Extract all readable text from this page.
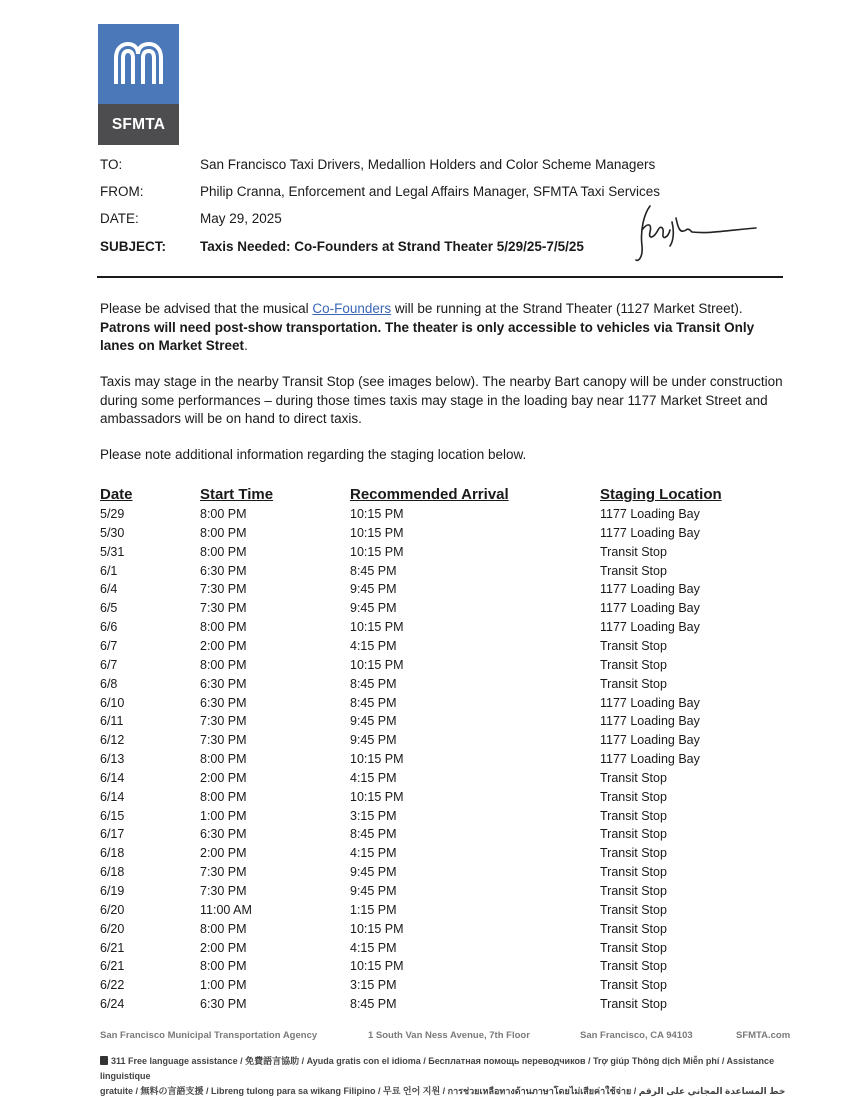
SFMTA
TO:	San Francisco Taxi Drivers, Medallion Holders and Color Scheme Managers
FROM:	Philip Cranna, Enforcement and Legal Affairs Manager, SFMTA Taxi Services
DATE:	May 29, 2025
SUBJECT:	Taxis Needed: Co-Founders at Strand Theater 5/29/25-7/5/25
Please be advised that the musical Co-Founders will be running at the Strand Theater (1127 Market Street). Patrons will need post-show transportation. The theater is only accessible to vehicles via Transit Only lanes on Market Street.
Taxis may stage in the nearby Transit Stop (see images below). The nearby Bart canopy will be under construction during some performances – during those times taxis may stage in the loading bay near 1177 Market Street and ambassadors will be on hand to direct taxis.
Please note additional information regarding the staging location below.
Date	Start Time	Recommended Arrival	Staging Location
5/29	8:00 PM	10:15 PM	1177 Loading Bay
5/30	8:00 PM	10:15 PM	1177 Loading Bay
5/31	8:00 PM	10:15 PM	Transit Stop
6/1	6:30 PM	8:45 PM	Transit Stop
6/4	7:30 PM	9:45 PM	1177 Loading Bay
6/5	7:30 PM	9:45 PM	1177 Loading Bay
6/6	8:00 PM	10:15 PM	1177 Loading Bay
6/7	2:00 PM	4:15 PM	Transit Stop
6/7	8:00 PM	10:15 PM	Transit Stop
6/8	6:30 PM	8:45 PM	Transit Stop
6/10	6:30 PM	8:45 PM	1177 Loading Bay
6/11	7:30 PM	9:45 PM	1177 Loading Bay
6/12	7:30 PM	9:45 PM	1177 Loading Bay
6/13	8:00 PM	10:15 PM	1177 Loading Bay
6/14	2:00 PM	4:15 PM	Transit Stop
6/14	8:00 PM	10:15 PM	Transit Stop
6/15	1:00 PM	3:15 PM	Transit Stop
6/17	6:30 PM	8:45 PM	Transit Stop
6/18	2:00 PM	4:15 PM	Transit Stop
6/18	7:30 PM	9:45 PM	Transit Stop
6/19	7:30 PM	9:45 PM	Transit Stop
6/20	11:00 AM	1:15 PM	Transit Stop
6/20	8:00 PM	10:15 PM	Transit Stop
6/21	2:00 PM	4:15 PM	Transit Stop
6/21	8:00 PM	10:15 PM	Transit Stop
6/22	1:00 PM	3:15 PM	Transit Stop
6/24	6:30 PM	8:45 PM	Transit Stop
San Francisco Municipal Transportation Agency	1 South Van Ness Avenue, 7th Floor	San Francisco, CA 94103	SFMTA.com
311 Free language assistance / 免費語言協助 / Ayuda gratis con el idioma / Бесплатная помощь переводчиков / Trợ giúp Thông dịch Miễn phí / Assistance linguistique
gratuite / 無料の言語支援 / Libreng tulong para sa wikang Filipino / 무료 언어 지원 / การช่วยเหลือทางด้านภาษาโดยไม่เสียค่าใช้จ่าย / خط المساعدة المجاني على الرقم
